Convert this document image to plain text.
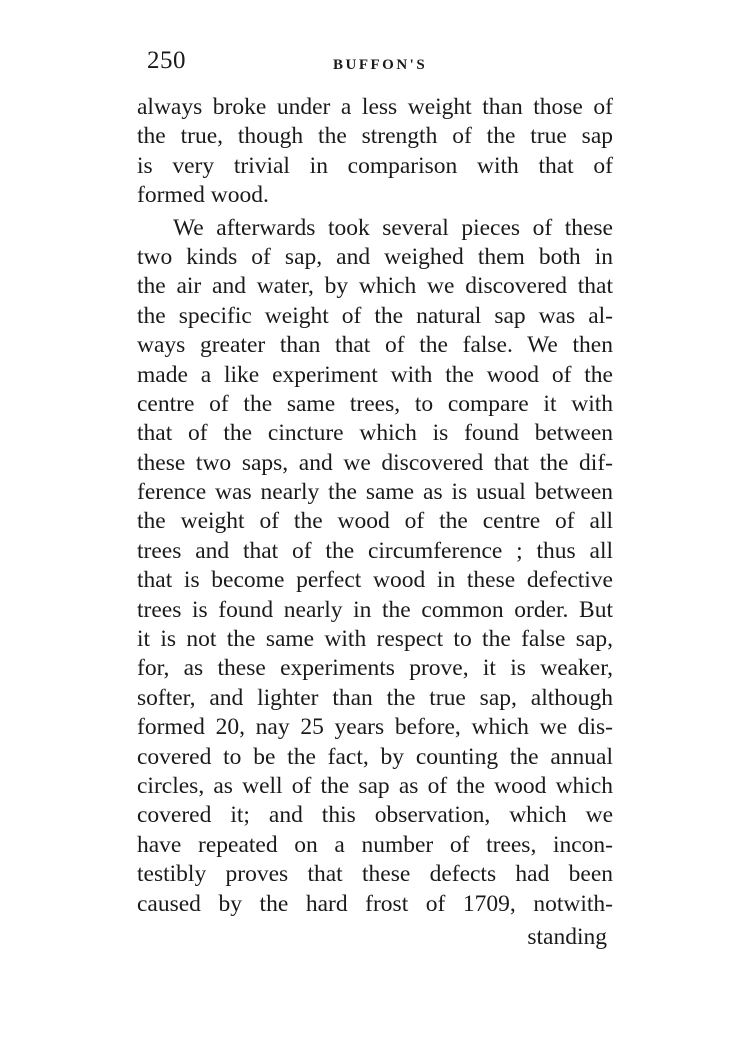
250	BUFFON'S
always broke under a less weight than those of
the true, though the strength of the true sap
is very trivial in comparison with that of
formed wood.
We afterwards took several pieces of these
two kinds of sap, and weighed them both in
the air and water, by which we discovered that
the specific weight of the natural sap was al-
ways greater than that of the false. We then
made a like experiment with the wood of the
centre of the same trees, to compare it with
that of the cincture which is found between
these two saps, and we discovered that the dif-
ference was nearly the same as is usual between
the weight of the wood of the centre of all
trees and that of the circumference ; thus all
that is become perfect wood in these defective
trees is found nearly in the common order. But
it is not the same with respect to the false sap,
for, as these experiments prove, it is weaker,
softer, and lighter than the true sap, although
formed 20, nay 25 years before, which we dis-
covered to be the fact, by counting the annual
circles, as well of the sap as of the wood which
covered it; and this observation, which we
have repeated on a number of trees, incon-
testibly proves that these defects had been
caused by the hard frost of 1709, notwith-
standing
